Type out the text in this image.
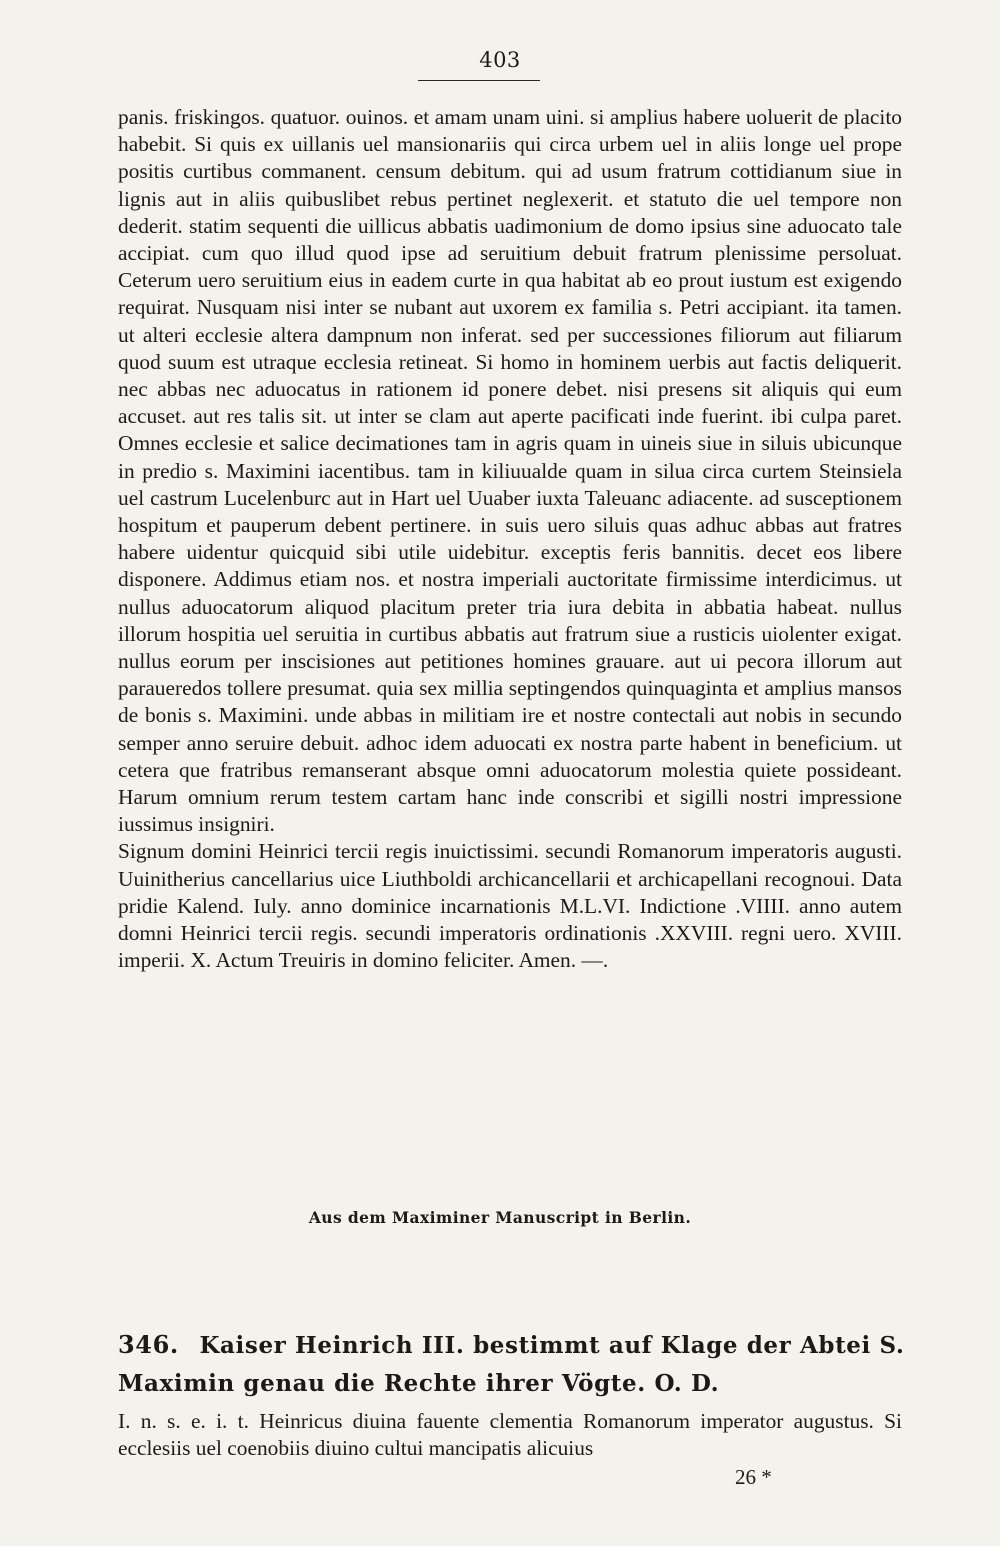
403

panis. friskingos. quatuor. ouinos. et amam unam uini. si amplius habere uoluerit de placito habebit. Si quis ex uillanis uel mansionariis qui circa urbem uel in aliis longe uel prope positis curtibus commanent. censum debitum. qui ad usum fratrum cottidianum siue in lignis aut in aliis quibuslibet rebus pertinet neglexerit. et statuto die uel tempore non dederit. statim sequenti die uillicus abbatis uadimonium de domo ipsius sine aduocato tale accipiat. cum quo illud quod ipse ad seruitium debuit fratrum plenissime persoluat. Ceterum uero seruitium eius in eadem curte in qua habitat ab eo prout iustum est exigendo requirat. Nusquam nisi inter se nubant aut uxorem ex familia s. Petri accipiant. ita tamen. ut alteri ecclesie altera dampnum non inferat. sed per successiones filiorum aut filiarum quod suum est utraque ecclesia retineat. Si homo in hominem uerbis aut factis deliquerit. nec abbas nec aduocatus in rationem id ponere debet. nisi presens sit aliquis qui eum accuset. aut res talis sit. ut inter se clam aut aperte pacificati inde fuerint. ibi culpa paret. Omnes ecclesie et salice decimationes tam in agris quam in uineis siue in siluis ubicunque in predio s. Maximini iacentibus. tam in kiliuualde quam in silua circa curtem Steinsiela uel castrum Lucelenburc aut in Hart uel Uuaber iuxta Taleuanc adiacente. ad susceptionem hospitum et pauperum debent pertinere. in suis uero siluis quas adhuc abbas aut fratres habere uidentur quicquid sibi utile uidebitur. exceptis feris bannitis. decet eos libere disponere. Addimus etiam nos. et nostra imperiali auctoritate firmissime interdicimus. ut nullus aduocatorum aliquod placitum preter tria iura debita in abbatia habeat. nullus illorum hospitia uel seruitia in curtibus abbatis aut fratrum siue a rusticis uiolenter exigat. nullus eorum per inscisiones aut petitiones homines grauare. aut ui pecora illorum aut paraueredos tollere presumat. quia sex millia septingendos quinquaginta et amplius mansos de bonis s. Maximini. unde abbas in militiam ire et nostre contectali aut nobis in secundo semper anno seruire debuit. adhoc idem aduocati ex nostra parte habent in beneficium. ut cetera que fratribus remanserant absque omni aduocatorum molestia quiete possideant. Harum omnium rerum testem cartam hanc inde conscribi et sigilli nostri impressione iussimus insigniri.

Signum domini Heinrici tercii regis inuictissimi. secundi Romanorum imperatoris augusti. Uuinitherius cancellarius uice Liuthboldi archicancellarii et archicapellani recognoui. Data pridie Kalend. Iuly. anno dominice incarnationis M.L.VI. Indictione .VIIII. anno autem domni Heinrici tercii regis. secundi imperatoris ordinationis .XXVIII. regni uero. XVIII. imperii. X. Actum Treuiris in domino feliciter. Amen. —.

Aus dem Maximiner Manuscript in Berlin.
346. Kaiser Heinrich III. bestimmt auf Klage der Abtei S. Maximin genau die Rechte ihrer Vögte. O. D.
I. n. s. e. i. t. Heinricus diuina fauente clementia Romanorum imperator augustus. Si ecclesiis uel coenobiis diuino cultui mancipatis alicuius
26 *
